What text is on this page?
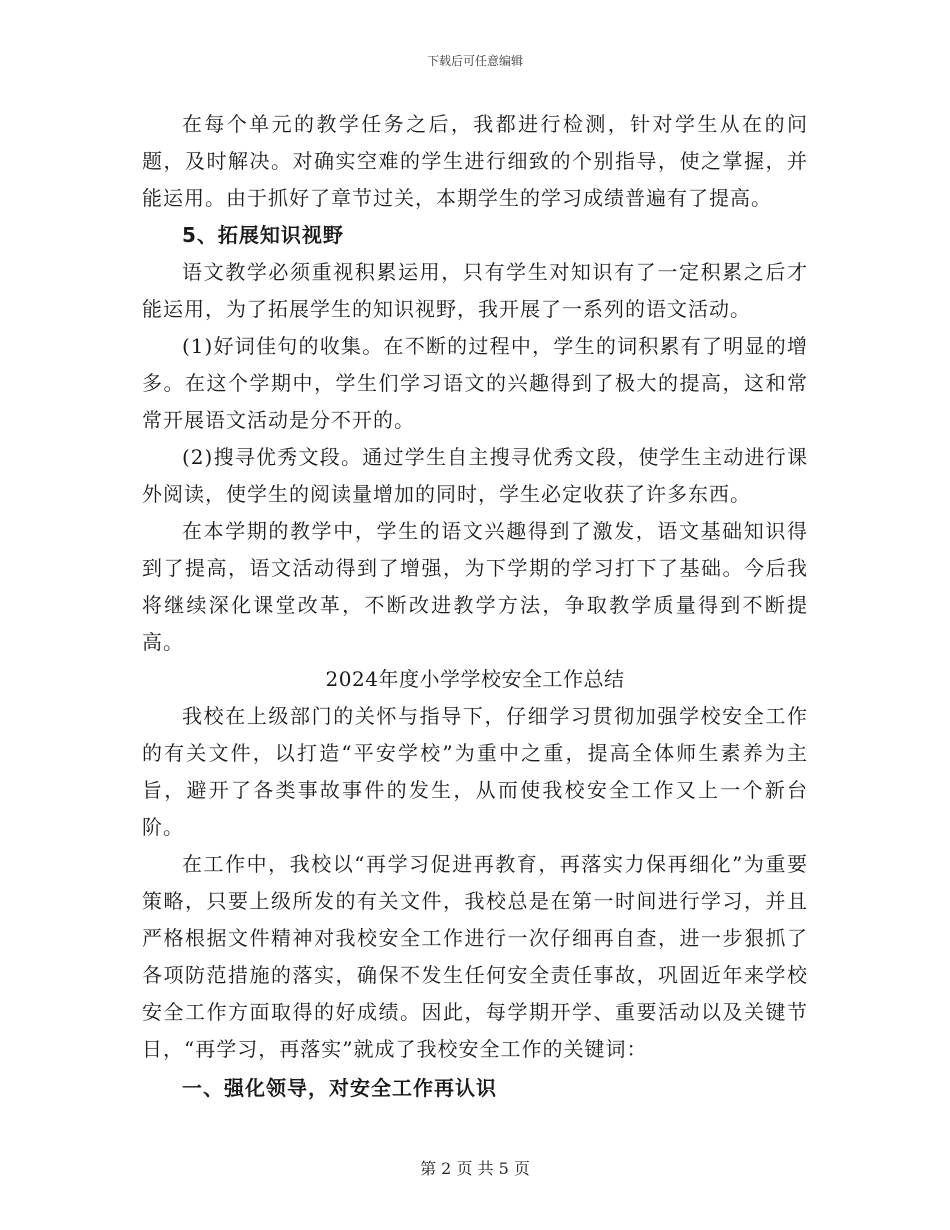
下载后可任意编辑

在每个单元的教学任务之后，我都进行检测，针对学生从在的问题，及时解决。对确实空难的学生进行细致的个别指导，使之掌握，并能运用。由于抓好了章节过关，本期学生的学习成绩普遍有了提高。

5、拓展知识视野

语文教学必须重视积累运用，只有学生对知识有了一定积累之后才能运用，为了拓展学生的知识视野，我开展了一系列的语文活动。

(1)好词佳句的收集。在不断的过程中，学生的词积累有了明显的增多。在这个学期中，学生们学习语文的兴趣得到了极大的提高，这和常常开展语文活动是分不开的。

(2)搜寻优秀文段。通过学生自主搜寻优秀文段，使学生主动进行课外阅读，使学生的阅读量增加的同时，学生必定收获了许多东西。

在本学期的教学中，学生的语文兴趣得到了激发，语文基础知识得到了提高，语文活动得到了增强，为下学期的学习打下了基础。今后我将继续深化课堂改革，不断改进教学方法，争取教学质量得到不断提高。

2024年度小学学校安全工作总结

我校在上级部门的关怀与指导下，仔细学习贯彻加强学校安全工作的有关文件，以打造“平安学校”为重中之重，提高全体师生素养为主旨，避开了各类事故事件的发生，从而使我校安全工作又上一个新台阶。

在工作中，我校以“再学习促进再教育，再落实力保再细化”为重要策略，只要上级所发的有关文件，我校总是在第一时间进行学习，并且严格根据文件精神对我校安全工作进行一次仔细再自查，进一步狠抓了各项防范措施的落实，确保不发生任何安全责任事故，巩固近年来学校安全工作方面取得的好成绩。因此，每学期开学、重要活动以及关键节日，“再学习，再落实”就成了我校安全工作的关键词：

一、强化领导，对安全工作再认识

第 2 页 共 5 页
